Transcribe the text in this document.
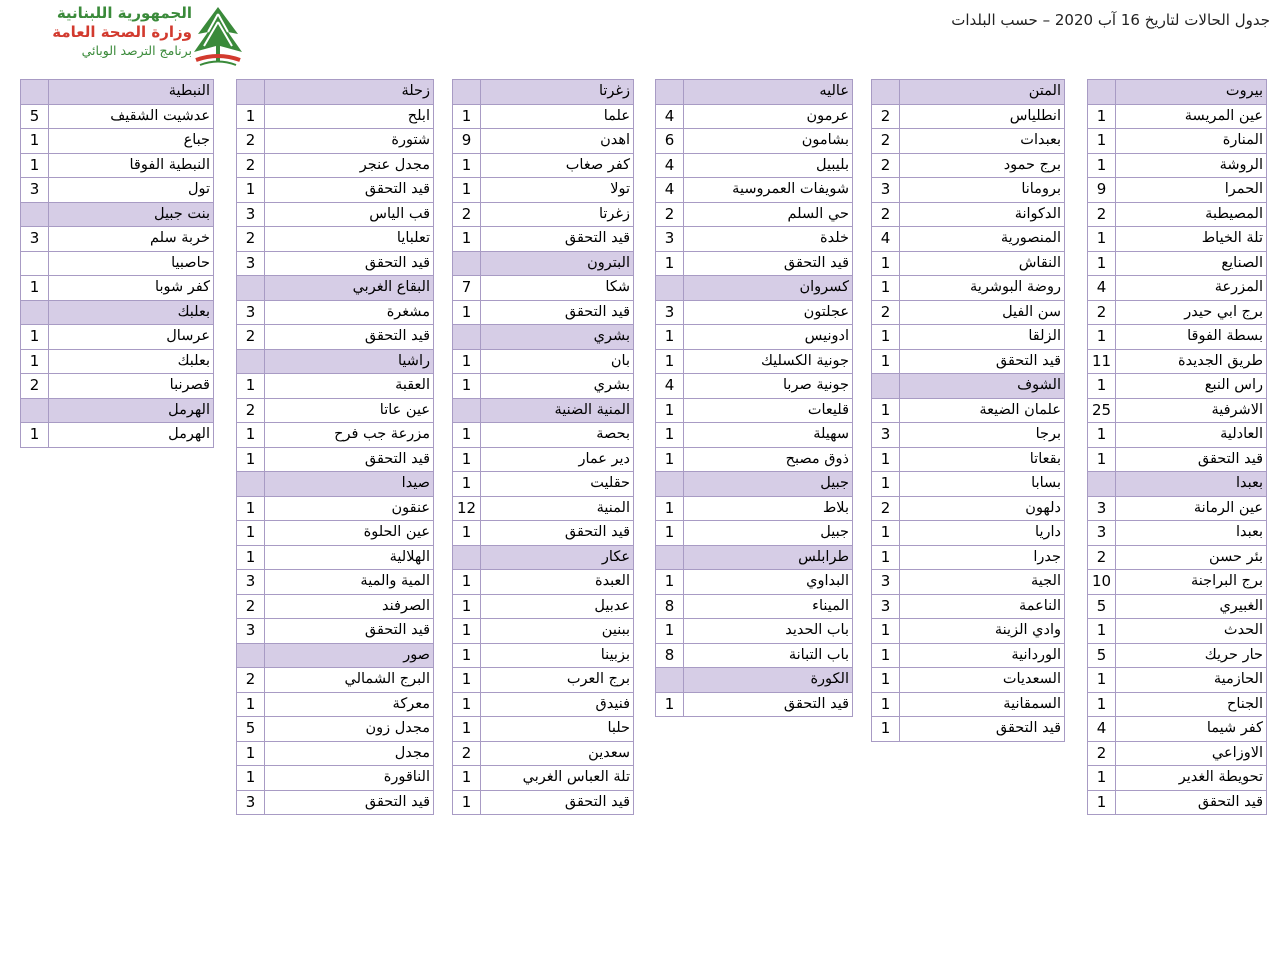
الجمهورية اللبنانية
وزارة الصحة العامة
برنامج الترصد الوبائي
جدول الحالات لتاريخ 16 آب 2020 – حسب البلدات
بيروت	
عين المريسة	1
المنارة	1
الروشة	1
الحمرا	9
المصيطبة	2
تلة الخياط	1
الصنايع	1
المزرعة	4
برج ابي حيدر	2
بسطة الفوقا	1
طريق الجديدة	11
راس النبع	1
الاشرفية	25
العادلية	1
قيد التحقق	1
بعبدا	
عين الرمانة	3
بعبدا	3
بئر حسن	2
برج البراجنة	10
الغبيري	5
الحدث	1
حار حريك	5
الحازمية	1
الجناح	1
كفر شيما	4
الاوزاعي	2
تحويطة الغدير	1
قيد التحقق	1
المتن	
انطلياس	2
بعبدات	2
برج حمود	2
برومانا	3
الدكوانة	2
المنصورية	4
النقاش	1
روضة البوشرية	1
سن الفيل	2
الزلقا	1
قيد التحقق	1
الشوف	
علمان الضيعة	1
برجا	3
بقعاتا	1
بسابا	1
دلهون	2
داريا	1
جدرا	1
الجية	3
الناعمة	3
وادي الزينة	1
الوردانية	1
السعديات	1
السمقانية	1
قيد التحقق	1
عاليه	
عرمون	4
بشامون	6
بليبيل	4
شويفات العمروسية	4
حي السلم	2
خلدة	3
قيد التحقق	1
كسروان	
عجلتون	3
ادونيس	1
جونية الكسليك	1
جونية صربا	4
قليعات	1
سهيلة	1
ذوق مصبح	1
جبيل	
بلاط	1
جبيل	1
طرابلس	
البداوي	1
الميناء	8
باب الحديد	1
باب التبانة	8
الكورة	
قيد التحقق	1
زغرتا	
علما	1
اهدن	9
كفر صغاب	1
تولا	1
زغرتا	2
قيد التحقق	1
البترون	
شكا	7
قيد التحقق	1
بشري	
بان	1
بشري	1
المنية الضنية	
بحصة	1
دير عمار	1
حقليت	1
المنية	12
قيد التحقق	1
عكار	
العبدة	1
عدبيل	1
ببنين	1
بزبينا	1
برج العرب	1
فنيدق	1
حلبا	1
سعدين	2
تلة العباس الغربي	1
قيد التحقق	1
زحلة	
ابلح	1
شتورة	2
مجدل عنجر	2
قيد التحقق	1
قب الياس	3
تعلبايا	2
قيد التحقق	3
البقاع الغربي	
مشغرة	3
قيد التحقق	2
راشيا	
العقبة	1
عين عاتا	2
مزرعة جب فرح	1
قيد التحقق	1
صيدا	
عنقون	1
عين الحلوة	1
الهلالية	1
المية والمية	3
الصرفند	2
قيد التحقق	3
صور	
البرج الشمالي	2
معركة	1
مجدل زون	5
مجدل	1
الناقورة	1
قيد التحقق	3
النبطية	
عدشيت الشقيف	5
جباع	1
النبطية الفوقا	1
تول	3
بنت جبيل	
خربة سلم	3
حاصبيا	
كفر شوبا	1
بعلبك	
عرسال	1
بعلبك	1
قصرنبا	2
الهرمل	
الهرمل	1
